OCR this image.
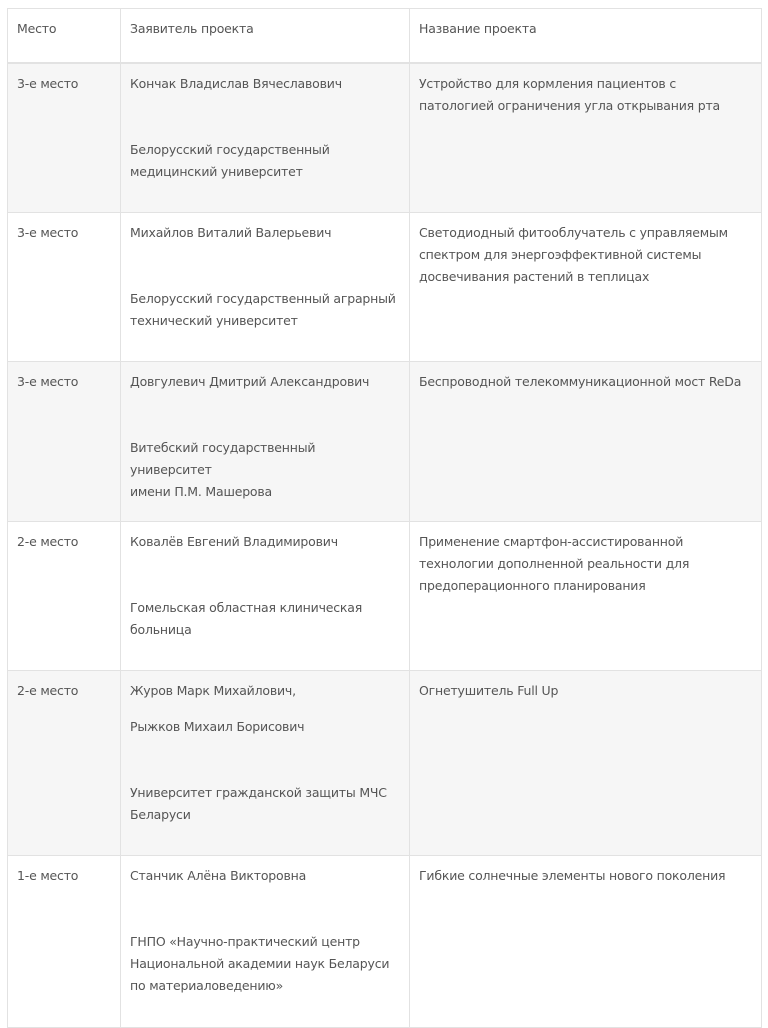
Место	Заявитель проекта	Название проекта
3-е место	Кончак Владислав Вячеславович

Белорусский государственный

медицинский университет	Устройство для кормления пациентов с патологией ограничения угла открывания рта
3-е место	Михайлов Виталий Валерьевич

Белорусский государственный аграрный

технический университет	Светодиодный фитооблучатель с управляемым спектром для энергоэффективной системы досвечивания растений в теплицах
3-е место	Довгулевич Дмитрий Александрович

Витебский государственный университет

имени П.М. Машерова	Беспроводной телекоммуникационной мост ReDa
2-е место	Ковалёв Евгений Владимирович

Гомельская областная клиническая

больница	Применение смартфон-ассистированной технологии дополненной реальности для предоперационного планирования
2-е место	Журов Марк Михайлович,

Рыжков Михаил Борисович

Университет гражданской защиты МЧС

Беларуси	Огнетушитель Full Up
1-е место	Станчик Алёна Викторовна

ГНПО «Научно-практический центр

Национальной академии наук Беларуси

по материаловедению»	Гибкие солнечные элементы нового поколения
